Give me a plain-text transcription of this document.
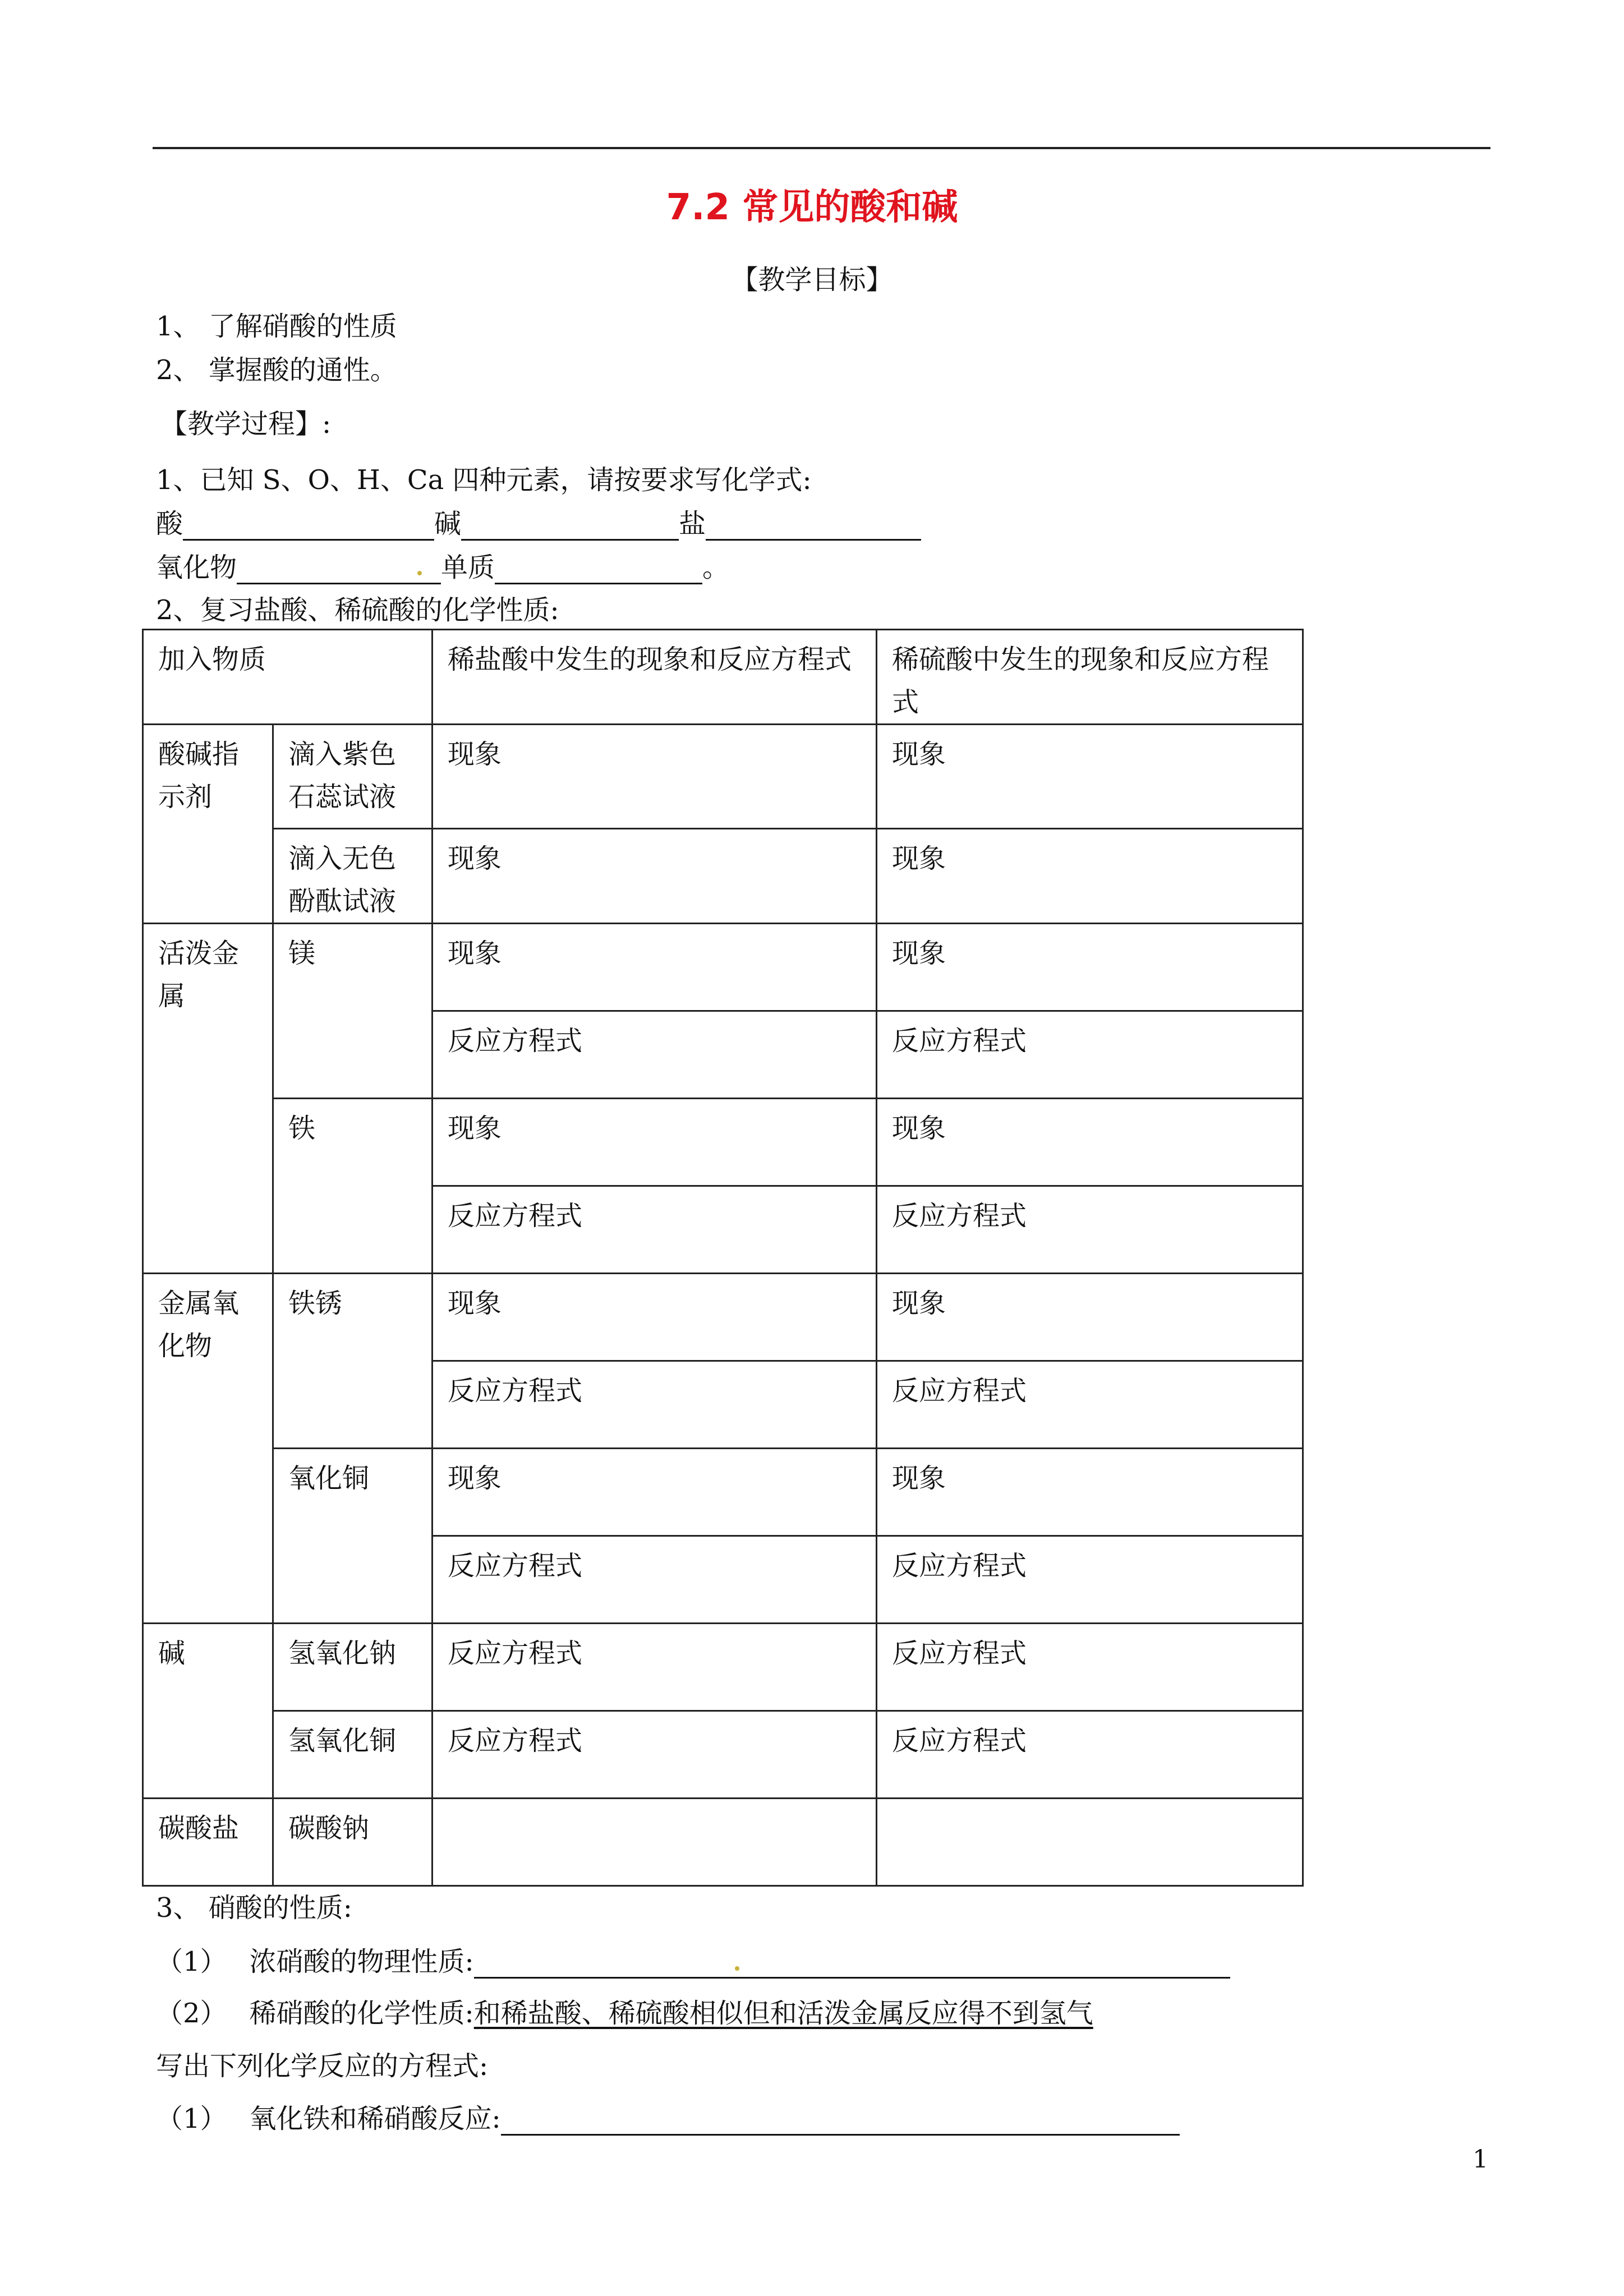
7.2 常见的酸和碱
【教学目标】
1、 了解硝酸的性质
2、 掌握酸的通性。
【教学过程】:
1、已知 S、O、H、Ca 四种元素，请按要求写化学式:
酸	碱	盐
氧化物	单质	。
2、复习盐酸、稀硫酸的化学性质:
加入物质		稀盐酸中发生的现象和反应方程式	稀硫酸中发生的现象和反应方程式
酸碱指示剂	滴入紫色石蕊试液	现象	现象
	滴入无色酚酞试液	现象	现象
活泼金属	镁	现象	现象
		反应方程式	反应方程式
	铁	现象	现象
		反应方程式	反应方程式
金属氧化物	铁锈	现象	现象
		反应方程式	反应方程式
	氧化铜	现象	现象
		反应方程式	反应方程式
碱	氢氧化钠	反应方程式	反应方程式
	氢氧化铜	反应方程式	反应方程式
碳酸盐	碳酸钠		
3、 硝酸的性质:
（1） 浓硝酸的物理性质:
（2） 稀硝酸的化学性质:和稀盐酸、稀硫酸相似但和活泼金属反应得不到氢气
写出下列化学反应的方程式:
（1） 氧化铁和稀硝酸反应:
1
